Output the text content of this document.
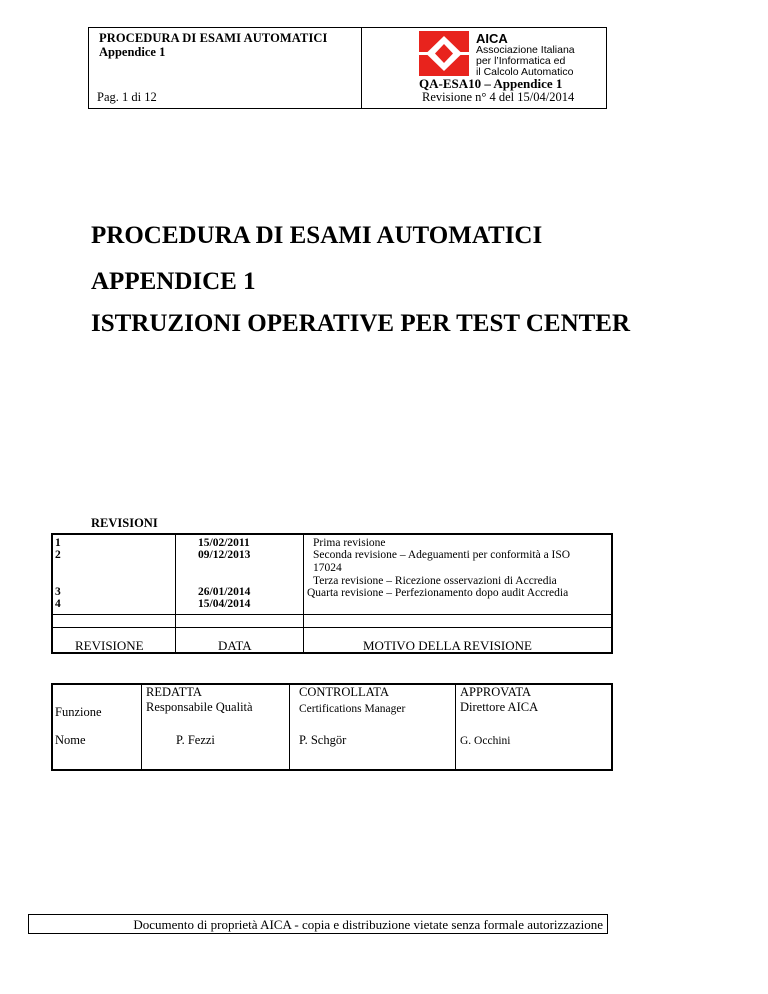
PROCEDURA DI ESAMI AUTOMATICI
Appendice 1
Pag. 1 di 12
AICA
Associazione Italiana
per l’Informatica ed
il Calcolo Automatico
QA-ESA10 – Appendice 1
Revisione n° 4 del 15/04/2014
PROCEDURA DI ESAMI AUTOMATICI
APPENDICE 1
ISTRUZIONI OPERATIVE PER TEST CENTER
REVISIONI
1
2
3
4
15/02/2011
09/12/2013
26/01/2014
15/04/2014
Prima revisione
Seconda revisione – Adeguamenti per conformità a ISO
17024
Terza revisione – Ricezione osservazioni di Accredia
Quarta revisione – Perfezionamento dopo audit Accredia
REVISIONE	DATA	MOTIVO DELLA REVISIONE
Funzione
Nome
REDATTA
Responsabile Qualità
P. Fezzi
CONTROLLATA
Certifications Manager
P. Schgör
APPROVATA
Direttore AICA
G. Occhini
Documento di proprietà AICA - copia e distribuzione vietate senza formale autorizzazione
